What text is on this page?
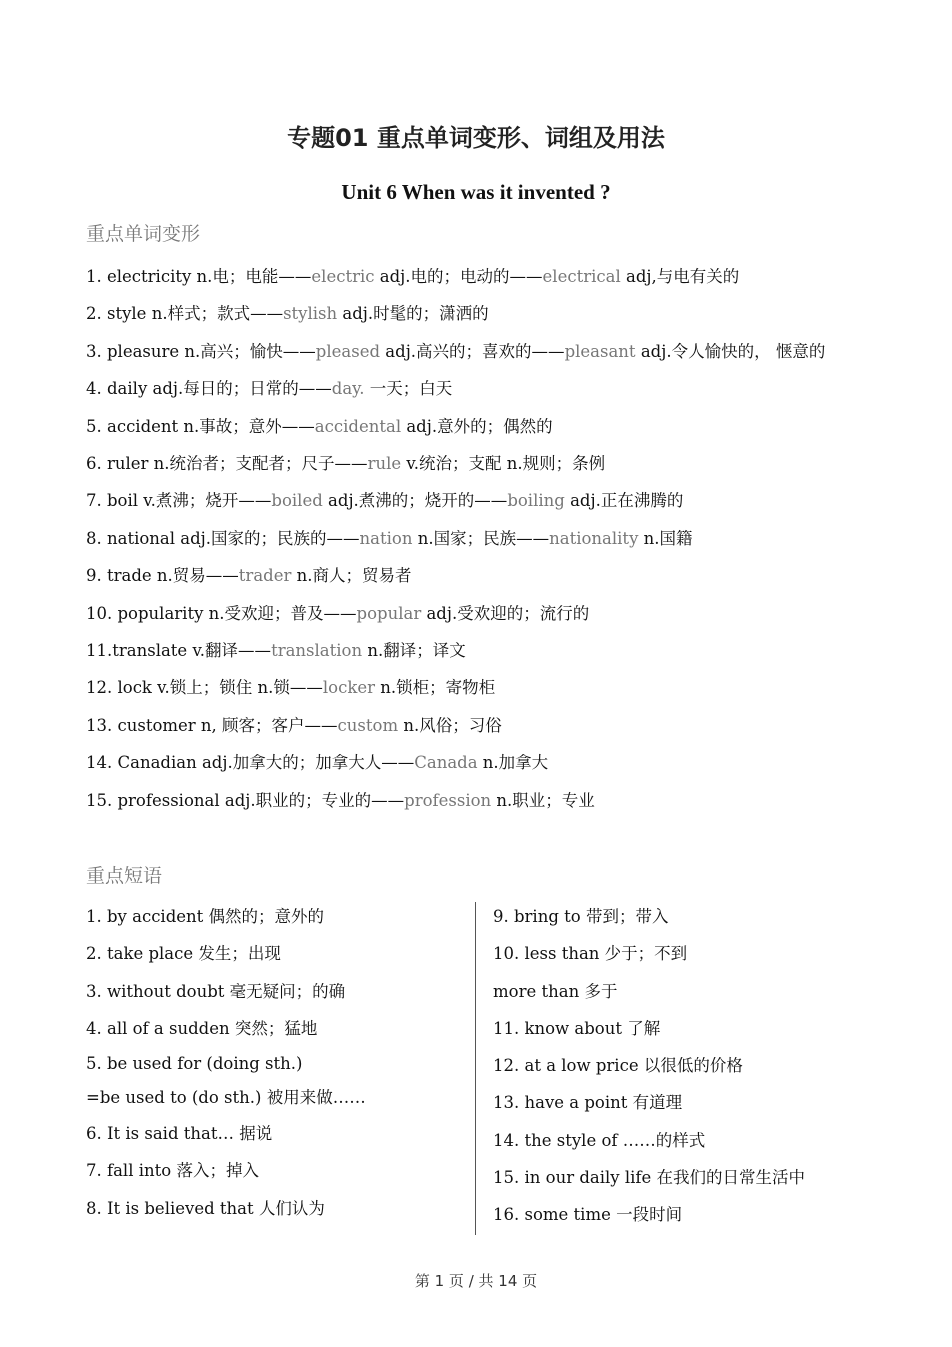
专题01 重点单词变形、词组及用法
Unit 6 When was it invented ?
重点单词变形
1. electricity n.电；电能——electric adj.电的；电动的——electrical adj,与电有关的
2. style n.样式；款式——stylish adj.时髦的；潇洒的
3. pleasure n.高兴；愉快——pleased adj.高兴的；喜欢的——pleasant adj.令人愉快的， 惬意的
4. daily adj.每日的；日常的——day. 一天；白天
5. accident n.事故；意外——accidental adj.意外的；偶然的
6. ruler n.统治者；支配者；尺子——rule v.统治；支配 n.规则；条例
7. boil v.煮沸；烧开——boiled adj.煮沸的；烧开的——boiling adj.正在沸腾的
8. national adj.国家的；民族的——nation n.国家；民族——nationality n.国籍
9. trade n.贸易——trader n.商人；贸易者
10. popularity n.受欢迎；普及——popular adj.受欢迎的；流行的
11.translate v.翻译——translation n.翻译；译文
12. lock v.锁上；锁住 n.锁——locker n.锁柜；寄物柜
13. customer n, 顾客；客户——custom n.风俗；习俗
14. Canadian adj.加拿大的；加拿大人——Canada n.加拿大
15. professional adj.职业的；专业的——profession n.职业；专业
重点短语
1. by accident 偶然的；意外的
2. take place 发生；出现
3. without doubt 毫无疑问；的确
4. all of a sudden 突然；猛地
5. be used for (doing sth.)
=be used to (do sth.) 被用来做……
6. It is said that… 据说
7. fall into 落入；掉入
8. It is believed that 人们认为
9. bring to 带到；带入
10. less than 少于；不到
more than 多于
11. know about 了解
12. at a low price 以很低的价格
13. have a point 有道理
14. the style of ……的样式
15. in our daily life 在我们的日常生活中
16. some time 一段时间
第 1 页 / 共 14 页
